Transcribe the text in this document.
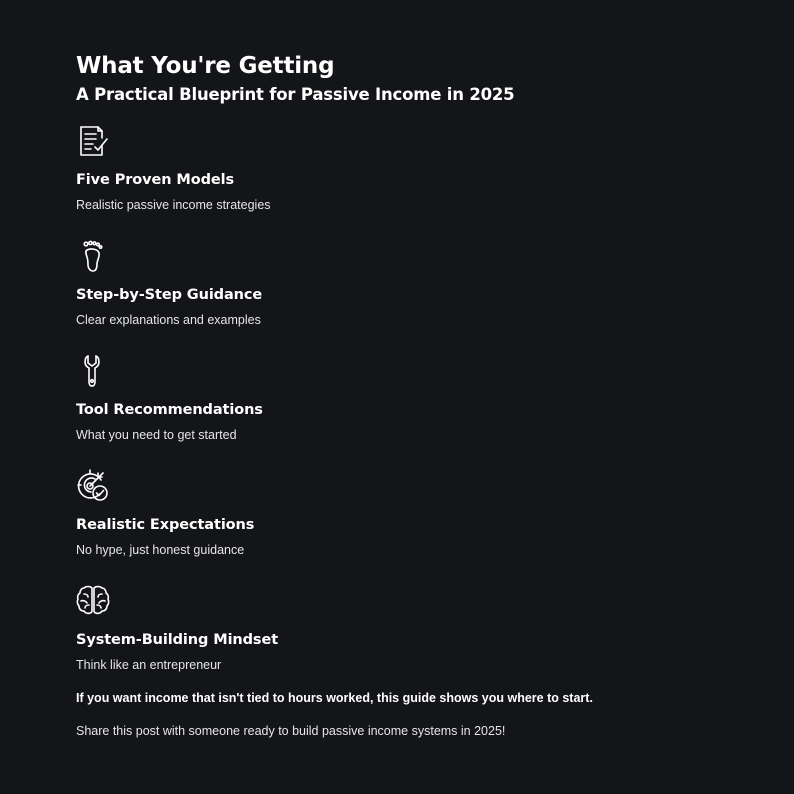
What You're Getting
A Practical Blueprint for Passive Income in 2025
Five Proven Models
Realistic passive income strategies
Step-by-Step Guidance
Clear explanations and examples
Tool Recommendations
What you need to get started
Realistic Expectations
No hype, just honest guidance
System-Building Mindset
Think like an entrepreneur
If you want income that isn't tied to hours worked, this guide shows you where to start.
Share this post with someone ready to build passive income systems in 2025!
